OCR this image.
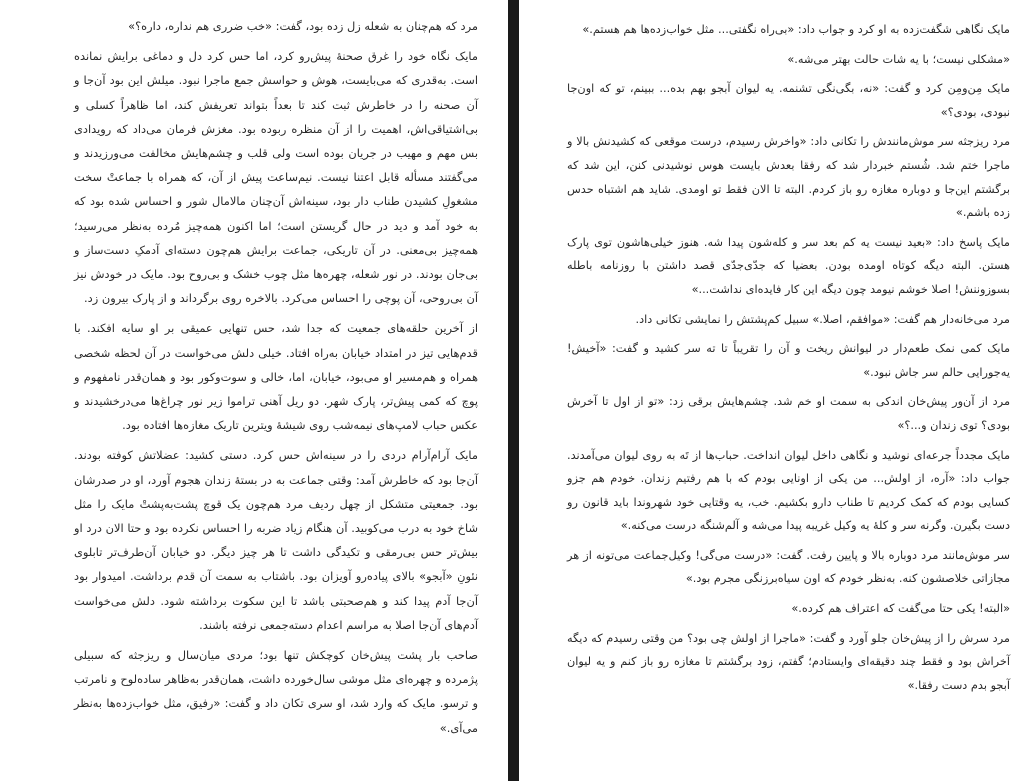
مرد که هم‌چنان به شعله زل زده بود، گفت: «خب ضرری هم نداره، داره؟»

مایک نگاه خود را غرق صحنهٔ پیش‌رو کرد، اما حس کرد دل و دماغی برایش نمانده است. به‌قدری که می‌بایست، هوش و حواسش جمع ماجرا نبود. میلش این بود آن‌جا و آن صحنه را در خاطرش ثبت کند تا بعداً بتواند تعریفش کند، اما ظاهراً کسلی و بی‌اشتیاقی‌اش، اهمیت را از آن منظره ربوده بود. مغزش فرمان می‌داد که رویدادی بس مهم و مهیب در جریان بوده است ولی قلب و چشم‌هایش مخالفت می‌ورزیدند و می‌گفتند مسأله قابل اعتنا نیست. نیم‌ساعت پیش از آن، که همراه با جماعتْ سخت مشغولِ کشیدن طناب دار بود، سینه‌اش آن‌چنان مالامال شور و احساس شده بود که به خود آمد و دید در حال گریستن است؛ اما اکنون همه‌چیز مُرده به‌نظر می‌رسید؛ همه‌چیز بی‌معنی. در آن تاریکی، جماعت برایش هم‌چون دسته‌ای آدمکِ دست‌ساز و بی‌جان بودند. در نور شعله، چهره‌ها مثل چوب خشک و بی‌روح بود. مایک در خودش نیز آن بی‌روحی، آن پوچی را احساس می‌کرد. بالاخره روی برگرداند و از پارک بیرون زد.

از آخرین حلقه‌های جمعیت که جدا شد، حس تنهایی عمیقی بر او سایه افکند. با قدم‌هایی تیز در امتداد خیابان به‌راه افتاد. خیلی دلش می‌خواست در آن لحظه شخصی همراه و هم‌مسیر او می‌بود، خیابان، اما، خالی و سوت‌وکور بود و همان‌قدر نامفهوم و پوچ که کمی پیش‌تر، پارک شهر. دو ریل آهنی تراموا زیر نور چراغ‌ها می‌درخشیدند و عکس حباب لامپ‌های نیمه‌شب روی شیشهٔ ویترین تاریک مغازه‌ها افتاده بود.

مایک آرام‌آرام دردی را در سینه‌اش حس کرد. دستی کشید: عضلاتش کوفته بودند. آن‌جا بود که خاطرش آمد: وقتی جماعت به در بستهٔ زندان هجوم آورد، او در صدرشان بود. جمعیتی متشکل از چهل ردیف مرد هم‌چون یک قوچ پشت‌به‌پشتْ مایک را مثل شاخ خود به درب می‌کوبید. آن هنگام زیاد ضربه را احساس نکرده بود و حتا الان درد او بیش‌تر حس بی‌رمقی و تکیدگی داشت تا هر چیز دیگر. دو خیابان آن‌طرف‌تر تابلوی نئونِ «آبجو» بالای پیاده‌رو آویزان بود. باشتاب به سمت آن قدم برداشت. امیدوار بود آن‌جا آدم پیدا کند و هم‌صحبتی باشد تا این سکوت برداشته شود. دلش می‌خواست آدم‌های آن‌جا اصلا به مراسم اعدام دسته‌جمعی نرفته باشند.

صاحب بار پشت پیش‌خان کوچکش تنها بود؛ مردی میان‌سال و ریزجثه که سبیلی پژمرده و چهره‌ای مثل موشی سال‌خورده داشت، همان‌قدر به‌ظاهر ساده‌لوح و نامرتب و ترسو. مایک که وارد شد، او سری تکان داد و گفت: «رفیق، مثل خواب‌زده‌ها به‌نظر می‌آی.»

مایک نگاهی شگفت‌زده به او کرد و جواب داد: «بی‌راه نگفتی... مثل خواب‌زده‌ها هم هستم.»

«مشکلی نیست؛ با یه شات حالت بهتر می‌شه.»

مایک مِن‌ومِن کرد و گفت: «نه، بگی‌نگی تشنمه. یه لیوان آبجو بهم بده... ببینم، تو که اون‌جا نبودی، بودی؟»

مرد ریزجثه سر موش‌مانندش را تکانی داد: «واخرش رسیدم، درست موقعی که کشیدنش بالا و ماجرا ختم شد. شُستم خبردار شد که رفقا بعدش بایست هوس نوشیدنی کنن، این شد که برگشتم این‌جا و دوباره مغازه رو باز کردم. البته تا الان فقط تو اومدی. شاید هم اشتباه حدس زده باشم.»

مایک پاسخ داد: «بعید نیست یه کم بعد سر و کله‌شون پیدا شه. هنوز خیلی‌هاشون توی پارک هستن. البته دیگه کوتاه اومده بودن. بعضیا که جدّی‌جدّی قصد داشتن با روزنامه باطله بسوزوننش! اصلا خوشم نیومد چون دیگه این کار فایده‌ای نداشت...»

مرد می‌خانه‌دار هم گفت: «موافقم، اصلا.» سبیل کم‌پشتش را نمایشی تکانی داد.

مایک کمی نمک طعم‌دار در لیوانش ریخت و آن را تقریباً تا ته سر کشید و گفت: «آخیش! یه‌جورایی حالم سر جاش نبود.»

مرد از آن‌ور پیش‌خان اندکی به سمت او خم شد. چشم‌هایش برقی زد: «تو از اول تا آخرش بودی؟ توی زندان و...؟»

مایک مجدداً جرعه‌ای نوشید و نگاهی داخل لیوان انداخت. حباب‌ها از تَه به روی لیوان می‌آمدند. جواب داد: «آره، از اولش... من یکی از اونایی بودم که با هم رفتیم زندان. خودم هم جزو کسایی بودم که کمک کردیم تا طناب دارو بکشیم. خب، یه وقتایی خود شهروندا باید قانون رو دست بگیرن. وگرنه سر و کلهٔ یه وکیل غریبه پیدا می‌شه و آلم‌شنگه درست می‌کنه.»

سر موش‌مانند مرد دوباره بالا و پایین رفت. گفت: «درست می‌گی! وکیل‌جماعت می‌تونه از هر مجازاتی خلاصشون کنه. به‌نظر خودم که اون سیاه‌برزنگی مجرم بود.»

«البته! یکی حتا می‌گفت که اعتراف هم کرده.»

مرد سرش را از پیش‌خان جلو آورد و گفت: «ماجرا از اولش چی بود؟ من وقتی رسیدم که دیگه آخراش بود و فقط چند دقیقه‌ای وایستادم؛ گفتم، زود برگشتم تا مغازه رو باز کنم و یه لیوان آبجو بدم دست رفقا.»
